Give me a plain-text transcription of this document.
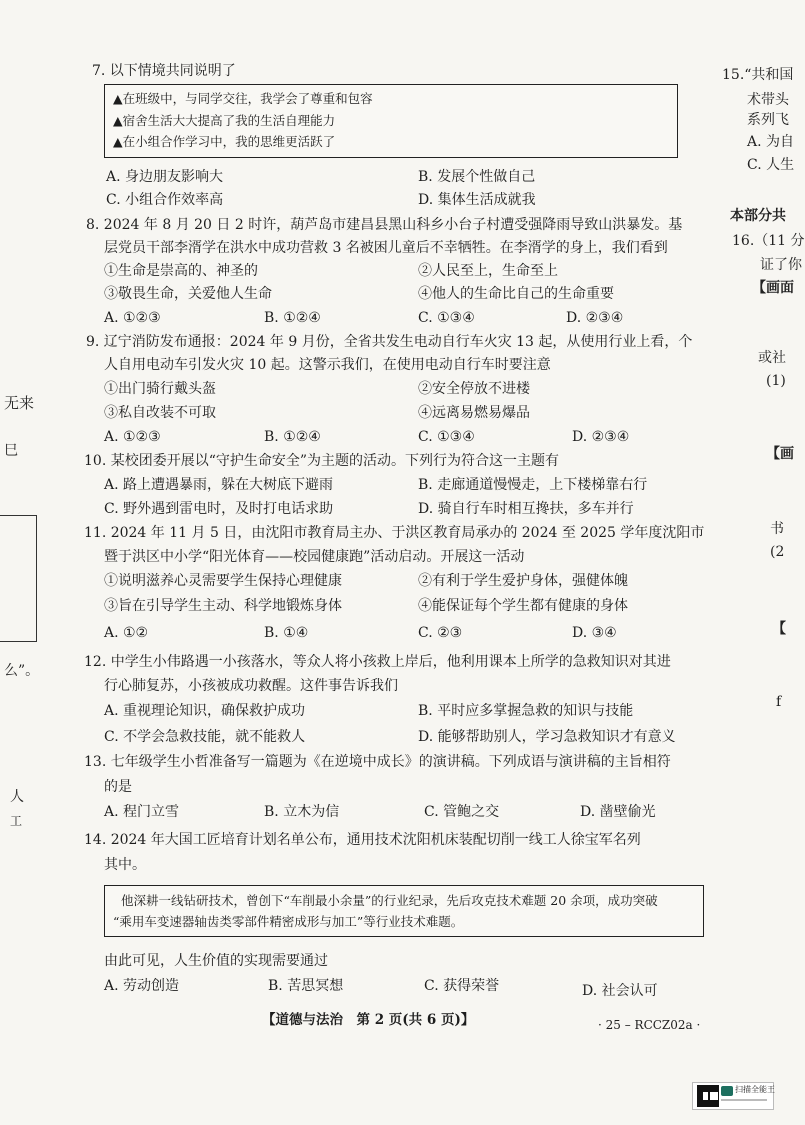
无来
巳
么”。
人
工
15.“共和国
术带头
系列飞
A. 为自
C. 人生
本部分共
16.（11 分
证了你
【画面
或社
(1)
【画
书
(2
【
f
7. 以下情境共同说明了
▲在班级中，与同学交往，我学会了尊重和包容
▲宿舍生活大大提高了我的生活自理能力
▲在小组合作学习中，我的思维更活跃了
A. 身边朋友影响大	B. 发展个性做自己
C. 小组合作效率高	D. 集体生活成就我
8. 2024 年 8 月 20 日 2 时许，葫芦岛市建昌县黑山科乡小台子村遭受强降雨导致山洪暴发。基
层党员干部李湑学在洪水中成功营救 3 名被困儿童后不幸牺牲。在李湑学的身上，我们看到
①生命是崇高的、神圣的	②人民至上，生命至上
③敬畏生命，关爱他人生命	④他人的生命比自己的生命重要
A. ①②③	B. ①②④	C. ①③④	D. ②③④
9. 辽宁消防发布通报：2024 年 9 月份，全省共发生电动自行车火灾 13 起，从使用行业上看，个
人自用电动车引发火灾 10 起。这警示我们，在使用电动自行车时要注意
①出门骑行戴头盔	②安全停放不进楼
③私自改装不可取	④远离易燃易爆品
A. ①②③	B. ①②④	C. ①③④	D. ②③④
10. 某校团委开展以“守护生命安全”为主题的活动。下列行为符合这一主题有
A. 路上遭遇暴雨，躲在大树底下避雨	B. 走廊通道慢慢走，上下楼梯靠右行
C. 野外遇到雷电时，及时打电话求助	D. 骑自行车时相互搀扶，多车并行
11. 2024 年 11 月 5 日，由沈阳市教育局主办、于洪区教育局承办的 2024 至 2025 学年度沈阳市
暨于洪区中小学“阳光体育——校园健康跑”活动启动。开展这一活动
①说明滋养心灵需要学生保持心理健康	②有利于学生爱护身体，强健体魄
③旨在引导学生主动、科学地锻炼身体	④能保证每个学生都有健康的身体
A. ①②	B. ①④	C. ②③	D. ③④
12. 中学生小伟路遇一小孩落水，等众人将小孩救上岸后，他利用课本上所学的急救知识对其进
行心肺复苏，小孩被成功救醒。这件事告诉我们
A. 重视理论知识，确保救护成功	B. 平时应多掌握急救的知识与技能
C. 不学会急救技能，就不能救人	D. 能够帮助别人，学习急救知识才有意义
13. 七年级学生小哲准备写一篇题为《在逆境中成长》的演讲稿。下列成语与演讲稿的主旨相符
的是
A. 程门立雪	B. 立木为信	C. 管鲍之交	D. 凿壁偷光
14. 2024 年大国工匠培育计划名单公布，通用技术沈阳机床装配切削一线工人徐宝军名列
其中。
他深耕一线钻研技术，曾创下“车削最小余量”的行业纪录，先后攻克技术难题 20 余项，成功突破
“乘用车变速器轴齿类零部件精密成形与加工”等行业技术难题。
由此可见，人生价值的实现需要通过
A. 劳动创造	B. 苦思冥想	C. 获得荣誉	D. 社会认可
【道德与法治　第 2 页(共 6 页)】	· 25 – RCCZ02a ·
扫描全能王
